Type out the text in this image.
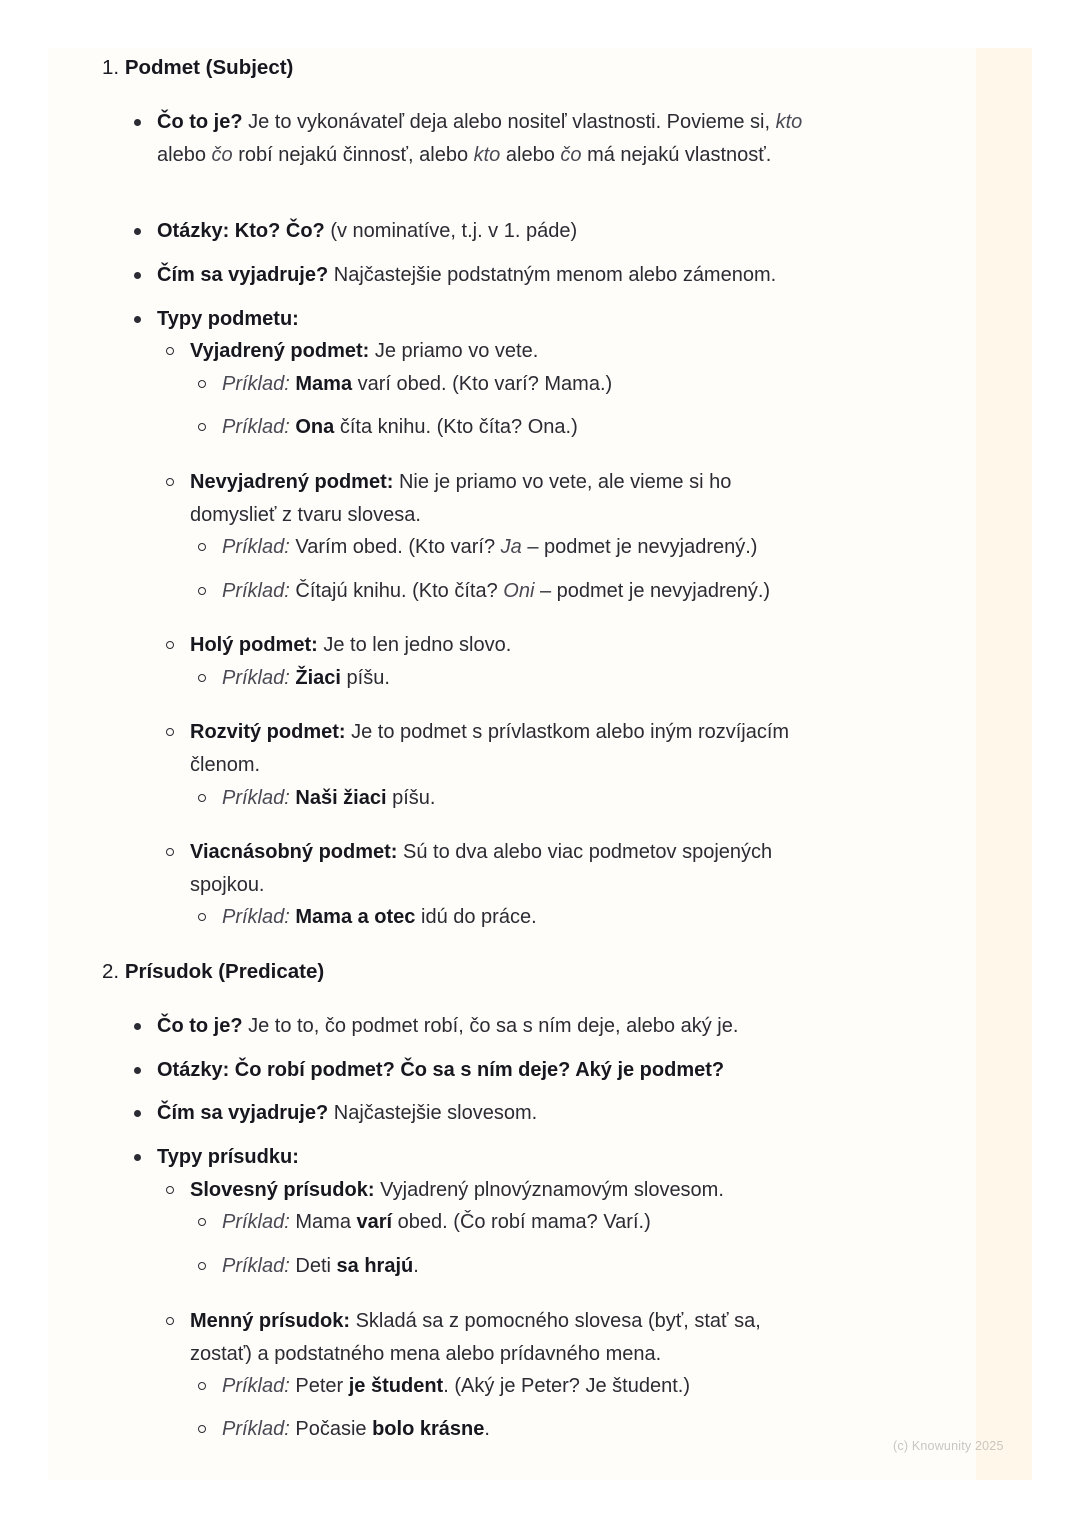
1. Podmet (Subject)

Čo to je? Je to vykonávateľ deja alebo nositeľ vlastnosti. Povieme si, kto alebo čo robí nejakú činnosť, alebo kto alebo čo má nejakú vlastnosť.

Otázky: Kto? Čo? (v nominatíve, t.j. v 1. páde)

Čím sa vyjadruje? Najčastejšie podstatným menom alebo zámenom.

Typy podmetu:

Vyjadrený podmet: Je priamo vo vete.

Príklad: Mama varí obed. (Kto varí? Mama.)

Príklad: Ona číta knihu. (Kto číta? Ona.)

Nevyjadrený podmet: Nie je priamo vo vete, ale vieme si ho domyslieť z tvaru slovesa.

Príklad: Varím obed. (Kto varí? Ja – podmet je nevyjadrený.)

Príklad: Čítajú knihu. (Kto číta? Oni – podmet je nevyjadrený.)

Holý podmet: Je to len jedno slovo.

Príklad: Žiaci píšu.

Rozvitý podmet: Je to podmet s prívlastkom alebo iným rozvíjacím členom.

Príklad: Naši žiaci píšu.

Viacnásobný podmet: Sú to dva alebo viac podmetov spojených spojkou.

Príklad: Mama a otec idú do práce.

2. Prísudok (Predicate)

Čo to je? Je to to, čo podmet robí, čo sa s ním deje, alebo aký je.

Otázky: Čo robí podmet? Čo sa s ním deje? Aký je podmet?

Čím sa vyjadruje? Najčastejšie slovesom.

Typy prísudku:

Slovesný prísudok: Vyjadrený plnovýznamovým slovesom.

Príklad: Mama varí obed. (Čo robí mama? Varí.)

Príklad: Deti sa hrajú.

Menný prísudok: Skladá sa z pomocného slovesa (byť, stať sa, zostať) a podstatného mena alebo prídavného mena.

Príklad: Peter je študent. (Aký je Peter? Je študent.)

Príklad: Počasie bolo krásne.

(c) Knowunity 2025
